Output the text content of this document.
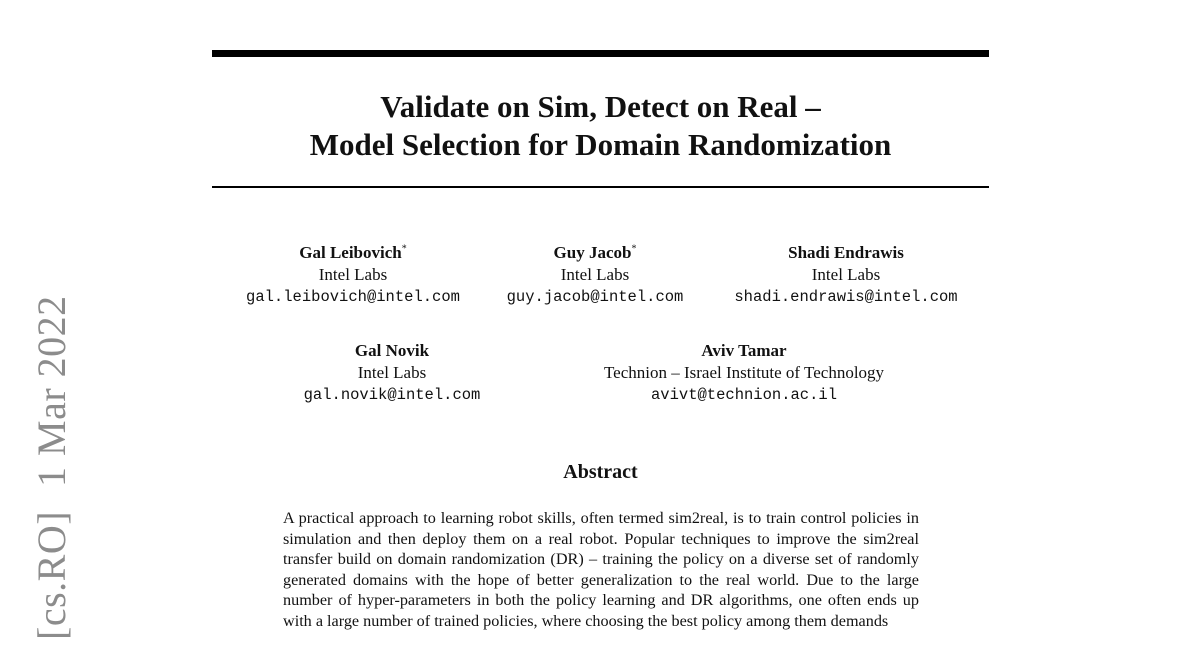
[cs.RO]1 Mar 2022
Validate on Sim, Detect on Real –
Model Selection for Domain Randomization
Gal Leibovich*
Intel Labs
gal.leibovich@intel.com
Guy Jacob*
Intel Labs
guy.jacob@intel.com
Shadi Endrawis
Intel Labs
shadi.endrawis@intel.com
Gal Novik
Intel Labs
gal.novik@intel.com
Aviv Tamar
Technion – Israel Institute of Technology
avivt@technion.ac.il
Abstract

A practical approach to learning robot skills, often termed sim2real, is to train control policies in simulation and then deploy them on a real robot. Popular techniques to improve the sim2real transfer build on domain randomization (DR) – training the policy on a diverse set of randomly generated domains with the hope of better generalization to the real world. Due to the large number of hyper-parameters in both the policy learning and DR algorithms, one often ends up with a large number of trained policies, where choosing the best policy among them demands
